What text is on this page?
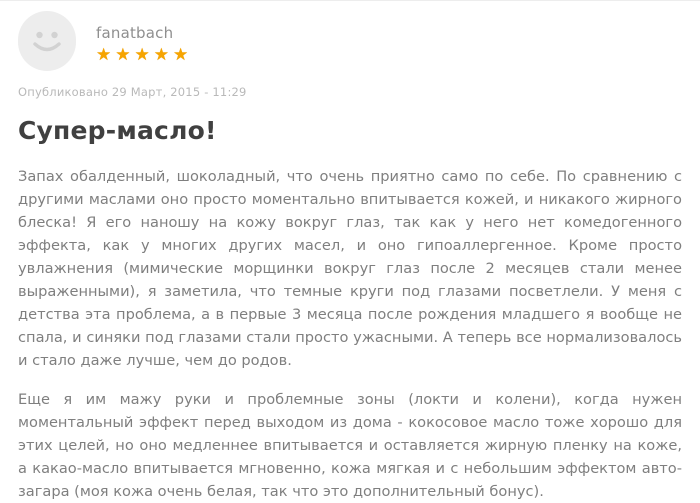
fanatbach
★★★★★
Опубликовано 29 Март, 2015 - 11:29
Супер-масло!

Запах обалденный, шоколадный, что очень приятно само по себе. По сравнению с другими маслами оно просто моментально впитывается кожей, и никакого жирного блеска! Я его наношу на кожу вокруг глаз, так как у него нет комедогенного эффекта, как у многих других масел, и оно гипоаллергенное. Кроме просто увлажнения (мимические морщинки вокруг глаз после 2 месяцев стали менее выраженными), я заметила, что темные круги под глазами посветлели. У меня с детства эта проблема, а в первые 3 месяца после рождения младшего я вообще не спала, и синяки под глазами стали просто ужасными. А теперь все нормализовалось и стало даже лучше, чем до родов.

Еще я им мажу руки и проблемные зоны (локти и колени), когда нужен моментальный эффект перед выходом из дома - кокосовое масло тоже хорошо для этих целей, но оно медленнее впитывается и оставляется жирную пленку на коже, а какао-масло впитывается мгновенно, кожа мягкая и с небольшим эффектом авто-загара (моя кожа очень белая, так что это дополнительный бонус).
